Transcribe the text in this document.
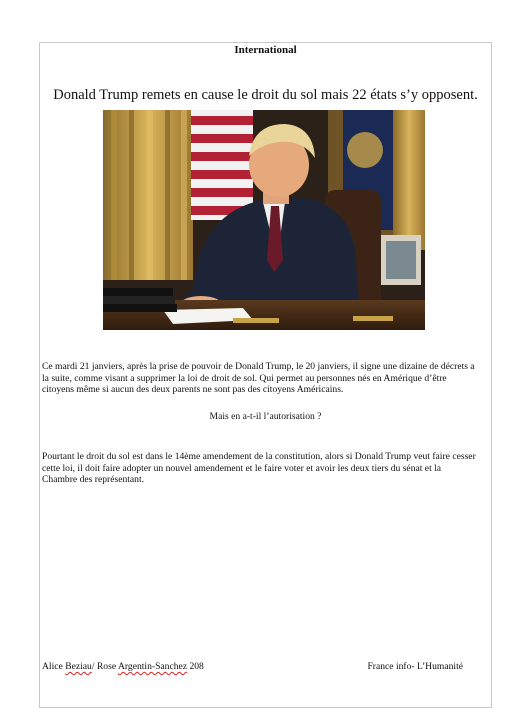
International
Donald Trump remets en cause le droit du sol mais 22 états s’y opposent.
Ce mardi 21 janviers, après la prise de pouvoir de Donald Trump, le 20 janviers, il signe une dizaine de décrets a la suite, comme visant a supprimer la loi de droit de sol. Qui permet au personnes nés en Amérique d’être citoyens même si aucun des deux parents ne sont pas des citoyens Américains.
Mais en a-t-il l’autorisation ?
Pourtant le droit du sol est dans le 14ème amendement de la constitution, alors si Donald Trump veut faire cesser cette loi, il doit faire adopter un nouvel amendement et le faire voter et avoir les deux tiers du sénat et la Chambre des représentant.
Alice Beziau/ Rose Argentin-Sanchez 208	France info- L’Humanité
